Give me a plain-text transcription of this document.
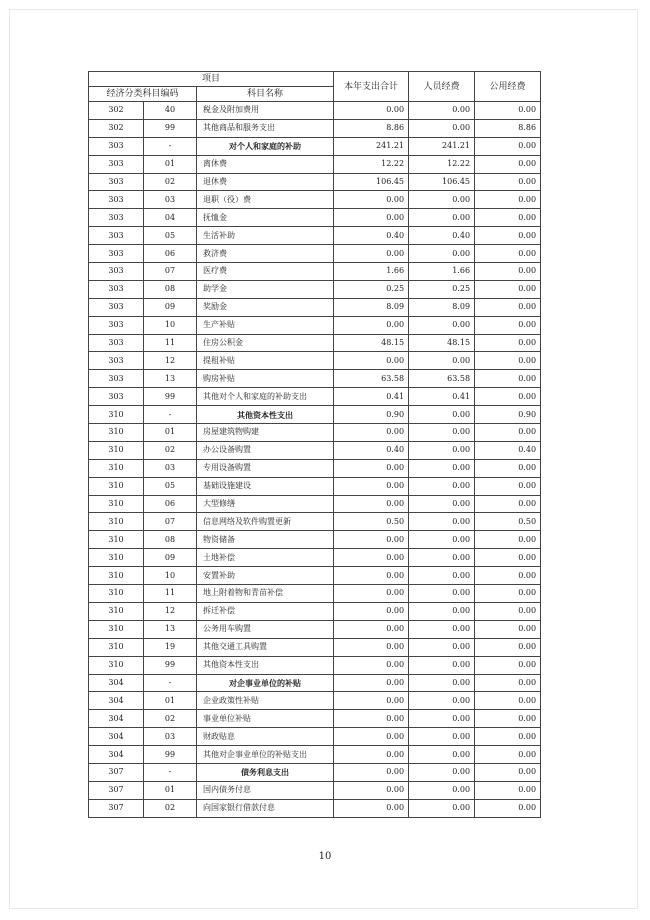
项目			本年支出合计	人员经费	公用经费
经济分类科目编码		科目名称			
302	40	税金及附加费用	0.00	0.00	0.00
302	99	其他商品和服务支出	8.86	0.00	8.86
303	-	对个人和家庭的补助	241.21	241.21	0.00
303	01	离休费	12.22	12.22	0.00
303	02	退休费	106.45	106.45	0.00
303	03	退职（役）费	0.00	0.00	0.00
303	04	抚恤金	0.00	0.00	0.00
303	05	生活补助	0.40	0.40	0.00
303	06	救济费	0.00	0.00	0.00
303	07	医疗费	1.66	1.66	0.00
303	08	助学金	0.25	0.25	0.00
303	09	奖励金	8.09	8.09	0.00
303	10	生产补贴	0.00	0.00	0.00
303	11	住房公积金	48.15	48.15	0.00
303	12	提租补贴	0.00	0.00	0.00
303	13	购房补贴	63.58	63.58	0.00
303	99	其他对个人和家庭的补助支出	0.41	0.41	0.00
310	-	其他资本性支出	0.90	0.00	0.90
310	01	房屋建筑物购建	0.00	0.00	0.00
310	02	办公设备购置	0.40	0.00	0.40
310	03	专用设备购置	0.00	0.00	0.00
310	05	基础设施建设	0.00	0.00	0.00
310	06	大型修缮	0.00	0.00	0.00
310	07	信息网络及软件购置更新	0.50	0.00	0.50
310	08	物资储备	0.00	0.00	0.00
310	09	土地补偿	0.00	0.00	0.00
310	10	安置补助	0.00	0.00	0.00
310	11	地上附着物和青苗补偿	0.00	0.00	0.00
310	12	拆迁补偿	0.00	0.00	0.00
310	13	公务用车购置	0.00	0.00	0.00
310	19	其他交通工具购置	0.00	0.00	0.00
310	99	其他资本性支出	0.00	0.00	0.00
304	-	对企事业单位的补贴	0.00	0.00	0.00
304	01	企业政策性补贴	0.00	0.00	0.00
304	02	事业单位补贴	0.00	0.00	0.00
304	03	财政贴息	0.00	0.00	0.00
304	99	其他对企事业单位的补贴支出	0.00	0.00	0.00
307	-	债务利息支出	0.00	0.00	0.00
307	01	国内债务付息	0.00	0.00	0.00
307	02	向国家银行借款付息	0.00	0.00	0.00
10
